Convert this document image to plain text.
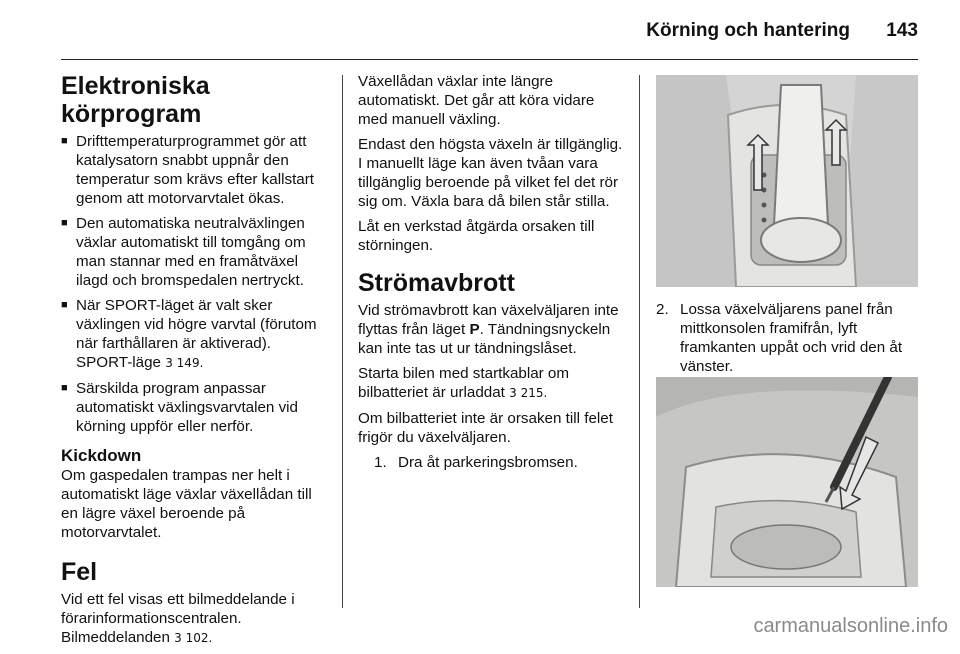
Körning och hantering 143
Elektroniska körprogram
■ Drifttemperaturprogrammet gör att katalysatorn snabbt uppnår den temperatur som krävs efter kallstart genom att motorvarvtalet ökas.
■ Den automatiska neutralväxlingen växlar automatiskt till tomgång om man stannar med en framåtväxel ilagd och bromspedalen nertryckt.
■ När SPORT-läget är valt sker växlingen vid högre varvtal (förutom när farthållaren är aktiverad). SPORT-läge 3 149.
■ Särskilda program anpassar automatiskt växlingsvarvtalen vid körning uppför eller nerför.
Kickdown

Om gaspedalen trampas ner helt i automatiskt läge växlar växellådan till en lägre växel beroende på motorvarvtalet.

Fel

Vid ett fel visas ett bilmeddelande i förarinformationscentralen. Bilmeddelanden 3 102.

Växellådan växlar inte längre automatiskt. Det går att köra vidare med manuell växling.

Endast den högsta växeln är tillgänglig. I manuellt läge kan även tvåan vara tillgänglig beroende på vilket fel det rör sig om. Växla bara då bilen står stilla.

Låt en verkstad åtgärda orsaken till störningen.

Strömavbrott

Vid strömavbrott kan växelväljaren inte flyttas från läget P. Tändningsnyckeln kan inte tas ut ur tändningslåset.

Starta bilen med startkablar om bilbatteriet är urladdat 3 215.

Om bilbatteriet inte är orsaken till felet frigör du växelväljaren.

1. Dra åt parkeringsbromsen.
2. Lossa växelväljarens panel från mittkonsolen framifrån, lyft framkanten uppåt och vrid den åt vänster.
carmanualsonline.info
